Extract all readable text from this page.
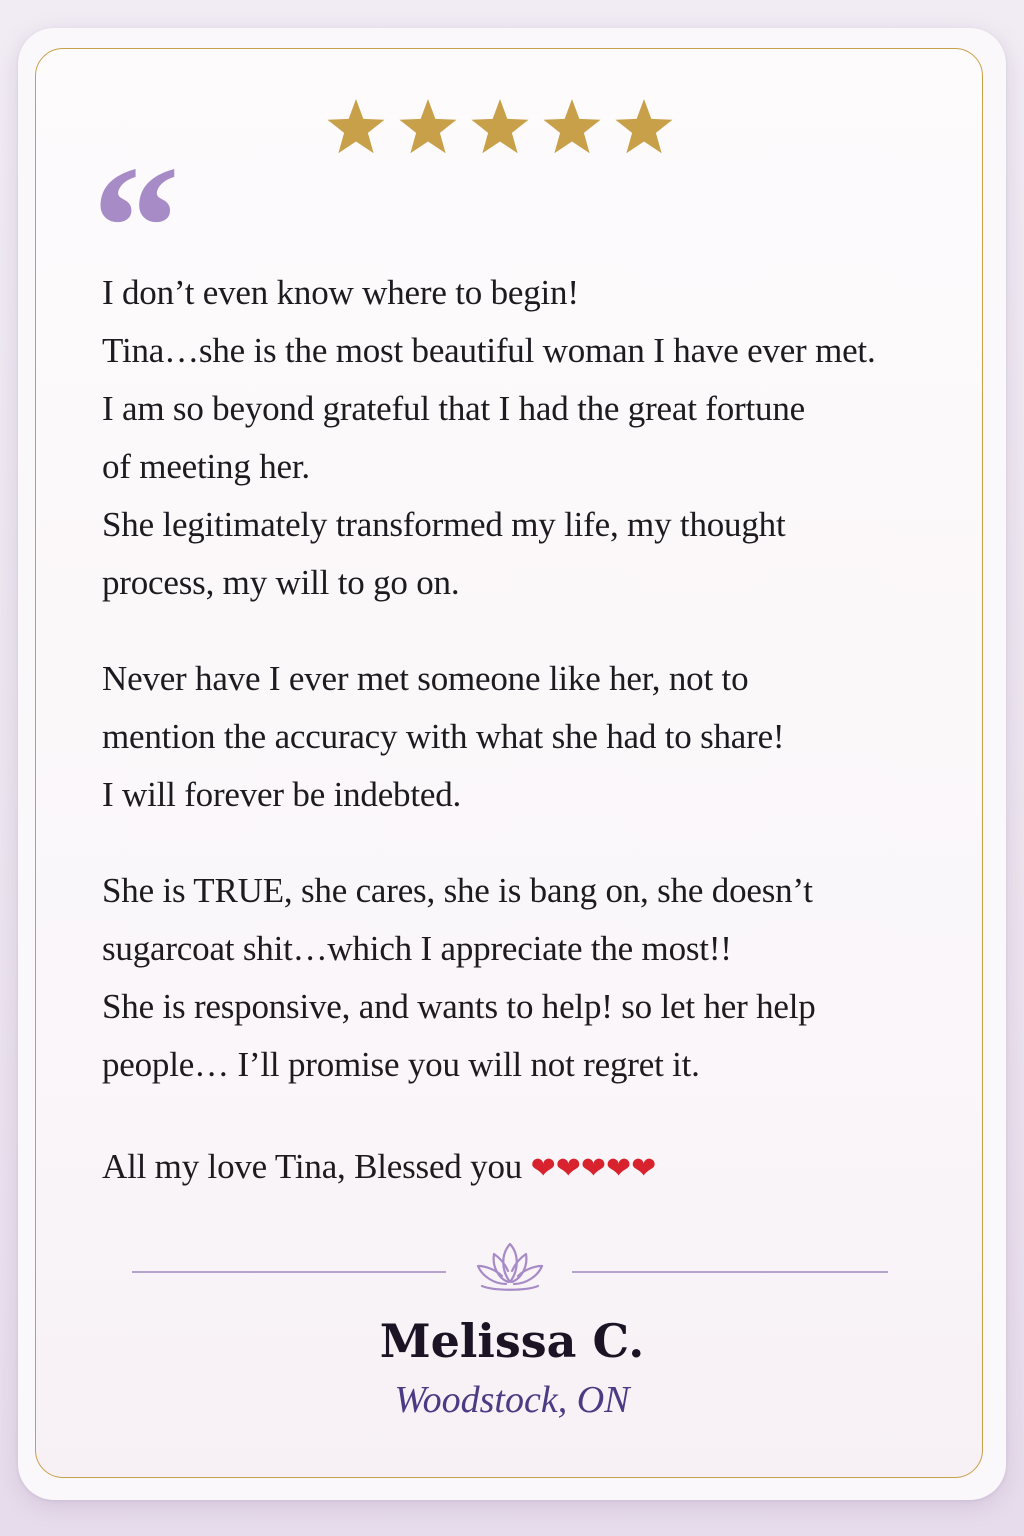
“
I don’t even know where to begin!
Tina…she is the most beautiful woman I have ever met.
I am so beyond grateful that I had the great fortune
of meeting her.
She legitimately transformed my life, my thought
process, my will to go on.
Never have I ever met someone like her, not to
mention the accuracy with what she had to share!
I will forever be indebted.
She is TRUE, she cares, she is bang on, she doesn’t
sugarcoat shit…which I appreciate the most!!
She is responsive, and wants to help! so let her help
people… I’ll promise you will not regret it.
All my love Tina, Blessed you ❤❤❤❤❤
Melissa C.
Woodstock, ON
